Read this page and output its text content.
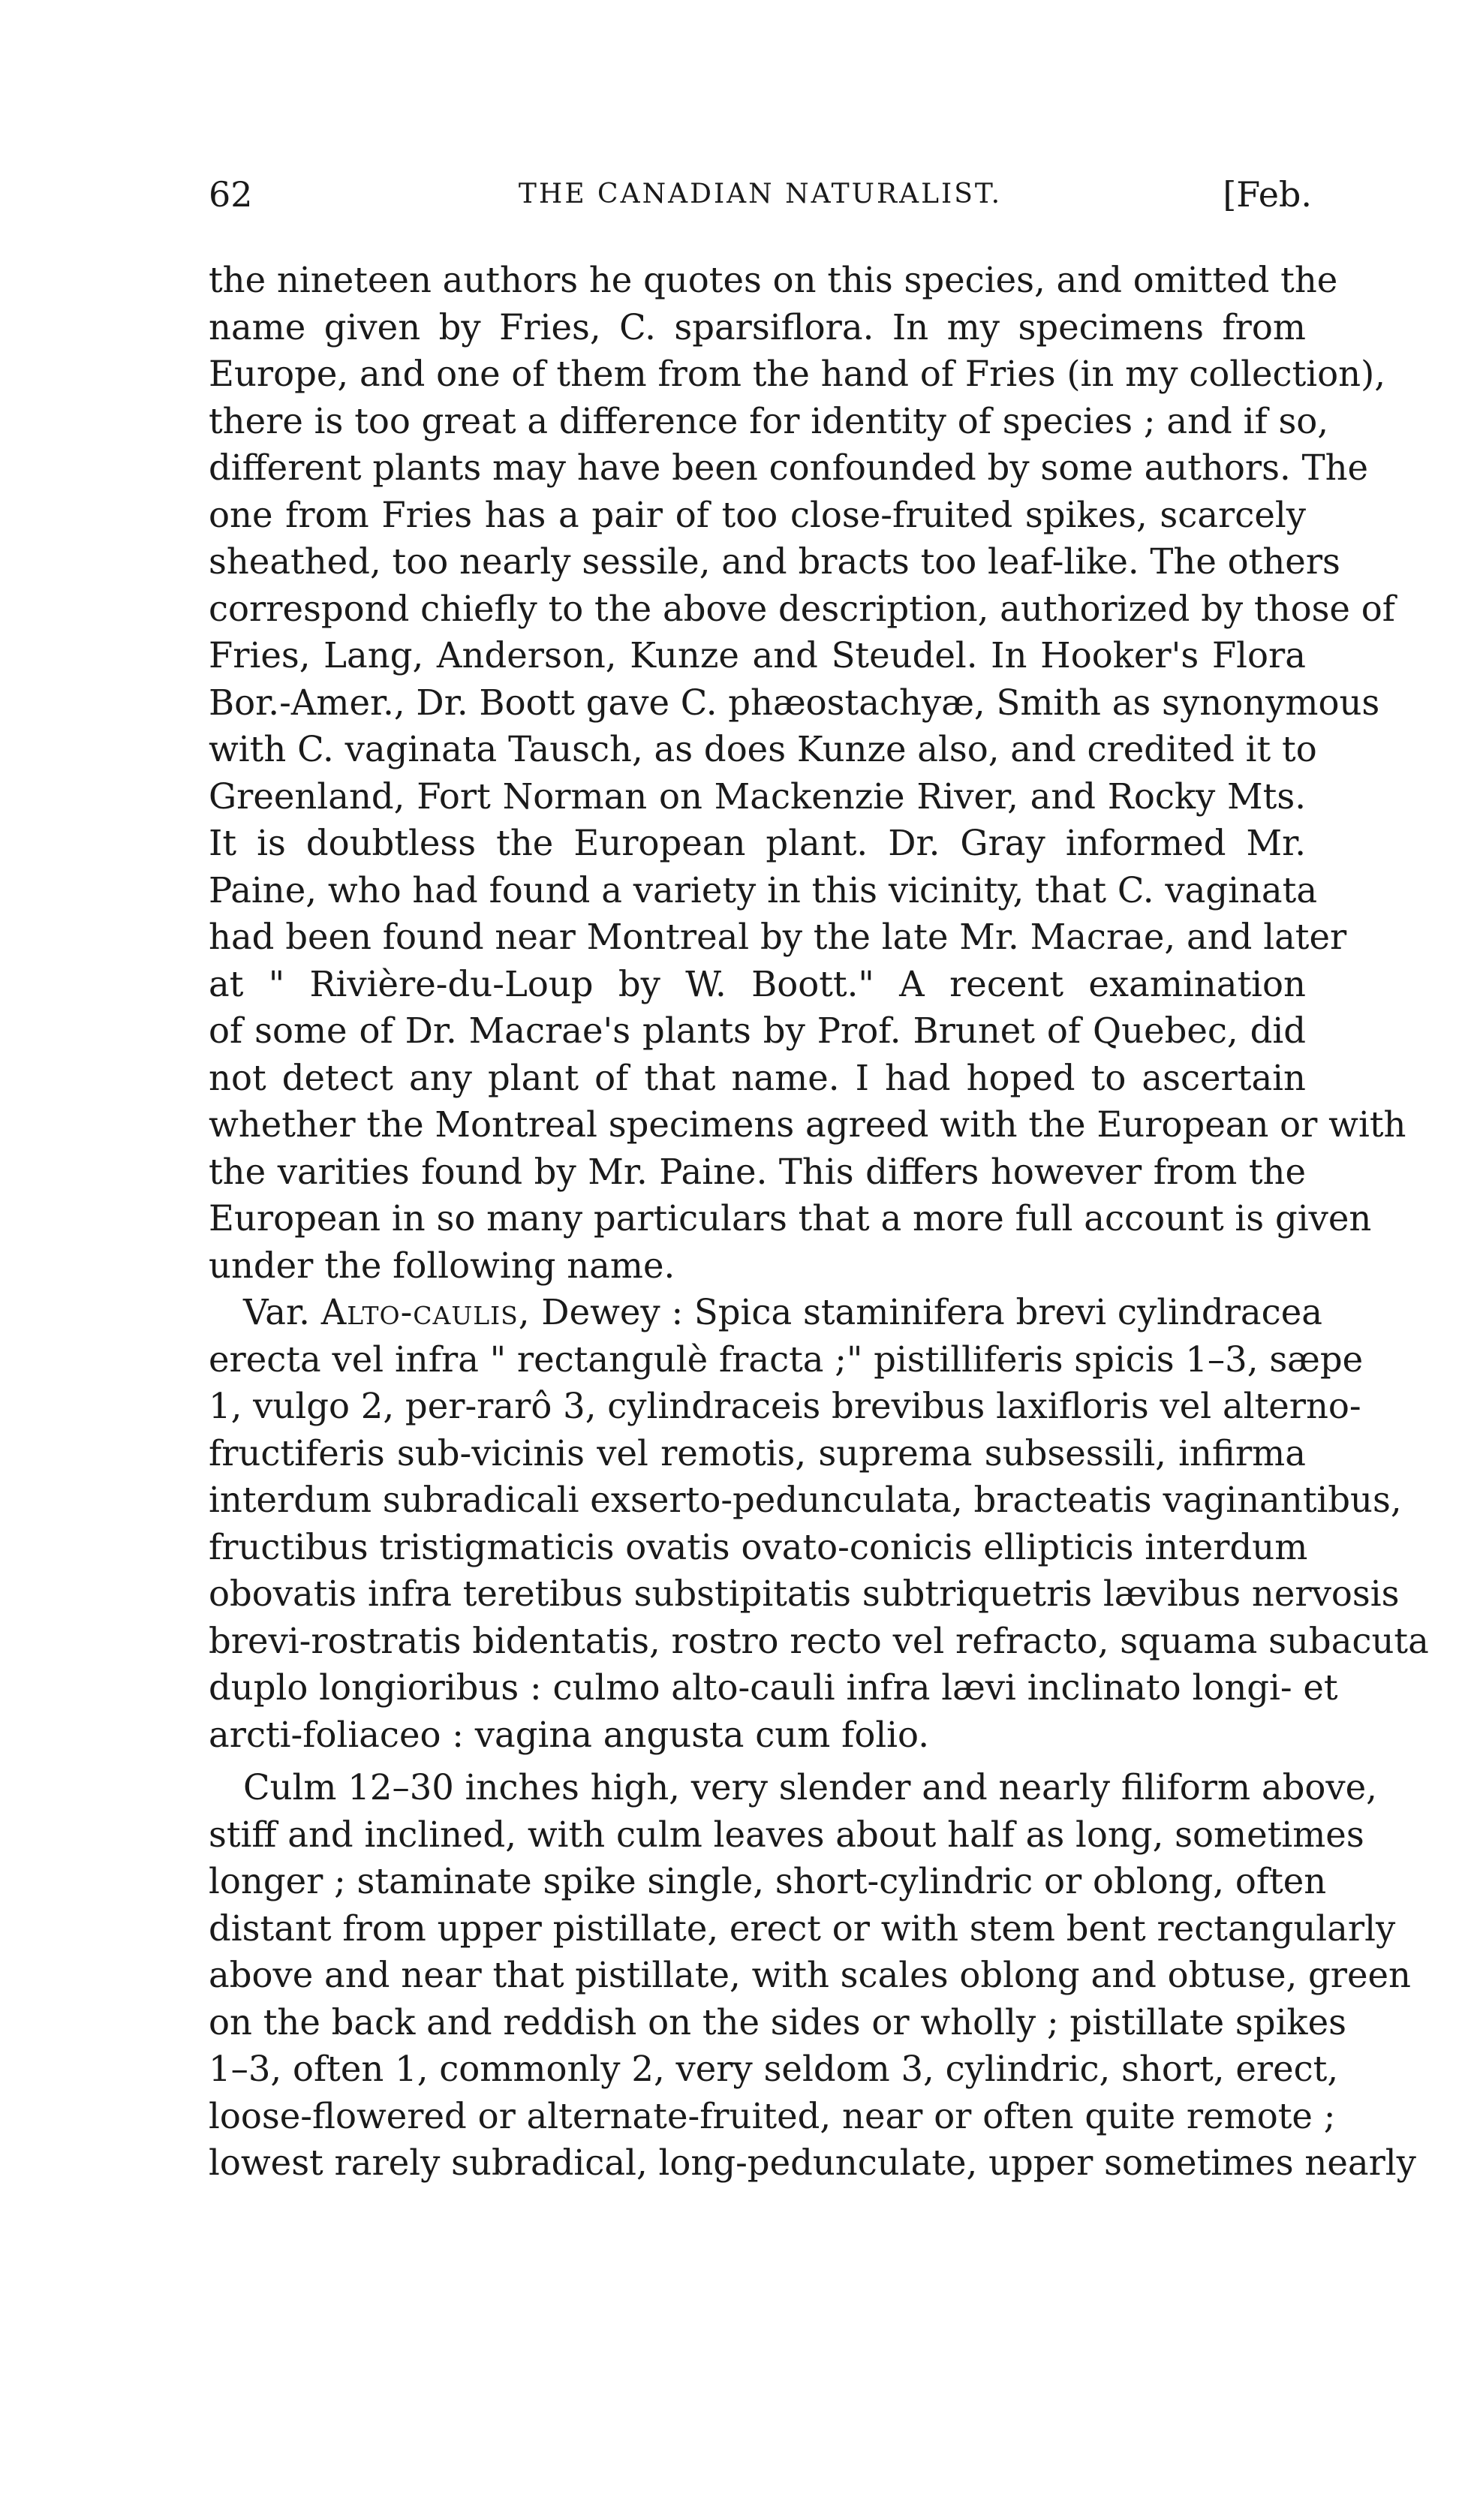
62	THE CANADIAN NATURALIST.	[Feb.
the nineteen authors he quotes on this species, and omitted the
name given by Fries, C. sparsiflora. In my specimens from
Europe, and one of them from the hand of Fries (in my collection),
there is too great a difference for identity of species ; and if so,
different plants may have been confounded by some authors. The
one from Fries has a pair of too close-fruited spikes, scarcely
sheathed, too nearly sessile, and bracts too leaf-like. The others
correspond chiefly to the above description, authorized by those of
Fries, Lang, Anderson, Kunze and Steudel. In Hooker's Flora
Bor.-Amer., Dr. Boott gave C. phæostachyæ, Smith as synonymous
with C. vaginata Tausch, as does Kunze also, and credited it to
Greenland, Fort Norman on Mackenzie River, and Rocky Mts.
It is doubtless the European plant. Dr. Gray informed Mr.
Paine, who had found a variety in this vicinity, that C. vaginata
had been found near Montreal by the late Mr. Macrae, and later
at " Rivière-du-Loup by W. Boott." A recent examination
of some of Dr. Macrae's plants by Prof. Brunet of Quebec, did
not detect any plant of that name. I had hoped to ascertain
whether the Montreal specimens agreed with the European or with
the varities found by Mr. Paine. This differs however from the
European in so many particulars that a more full account is given
under the following name.
Var. Alto-caulis, Dewey : Spica staminifera brevi cylindracea
erecta vel infra " rectangulè fracta ;" pistilliferis spicis 1–3, sæpe
1, vulgo 2, per-rarô 3, cylindraceis brevibus laxifloris vel alterno-
fructiferis sub-vicinis vel remotis, suprema subsessili, infirma
interdum subradicali exserto-pedunculata, bracteatis vaginantibus,
fructibus tristigmaticis ovatis ovato-conicis ellipticis interdum
obovatis infra teretibus substipitatis subtriquetris lævibus nervosis
brevi-rostratis bidentatis, rostro recto vel refracto, squama subacuta
duplo longioribus : culmo alto-cauli infra lævi inclinato longi- et
arcti-foliaceo : vagina angusta cum folio.
Culm 12–30 inches high, very slender and nearly filiform above,
stiff and inclined, with culm leaves about half as long, sometimes
longer ; staminate spike single, short-cylindric or oblong, often
distant from upper pistillate, erect or with stem bent rectangularly
above and near that pistillate, with scales oblong and obtuse, green
on the back and reddish on the sides or wholly ; pistillate spikes
1–3, often 1, commonly 2, very seldom 3, cylindric, short, erect,
loose-flowered or alternate-fruited, near or often quite remote ;
lowest rarely subradical, long-pedunculate, upper sometimes nearly
